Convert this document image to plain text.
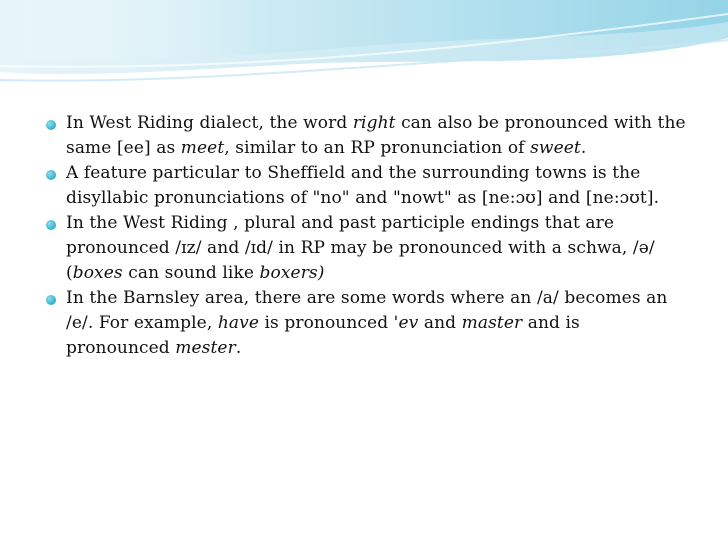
In West Riding dialect, the word right can also be pronounced with the same [ee] as meet, similar to an RP pronunciation of sweet.
A feature particular to Sheffield and the surrounding towns is the disyllabic pronunciations of "no" and "nowt" as [ne:ɔʊ] and [ne:ɔʊt].
In the West Riding , plural and past participle endings that are pronounced /ɪz/ and /ɪd/ in RP may be pronounced with a schwa, /ə/ (boxes can sound like boxers)
In the Barnsley area, there are some words where an /a/ becomes an /e/. For example, have is pronounced 'ev and master and is pronounced mester.
